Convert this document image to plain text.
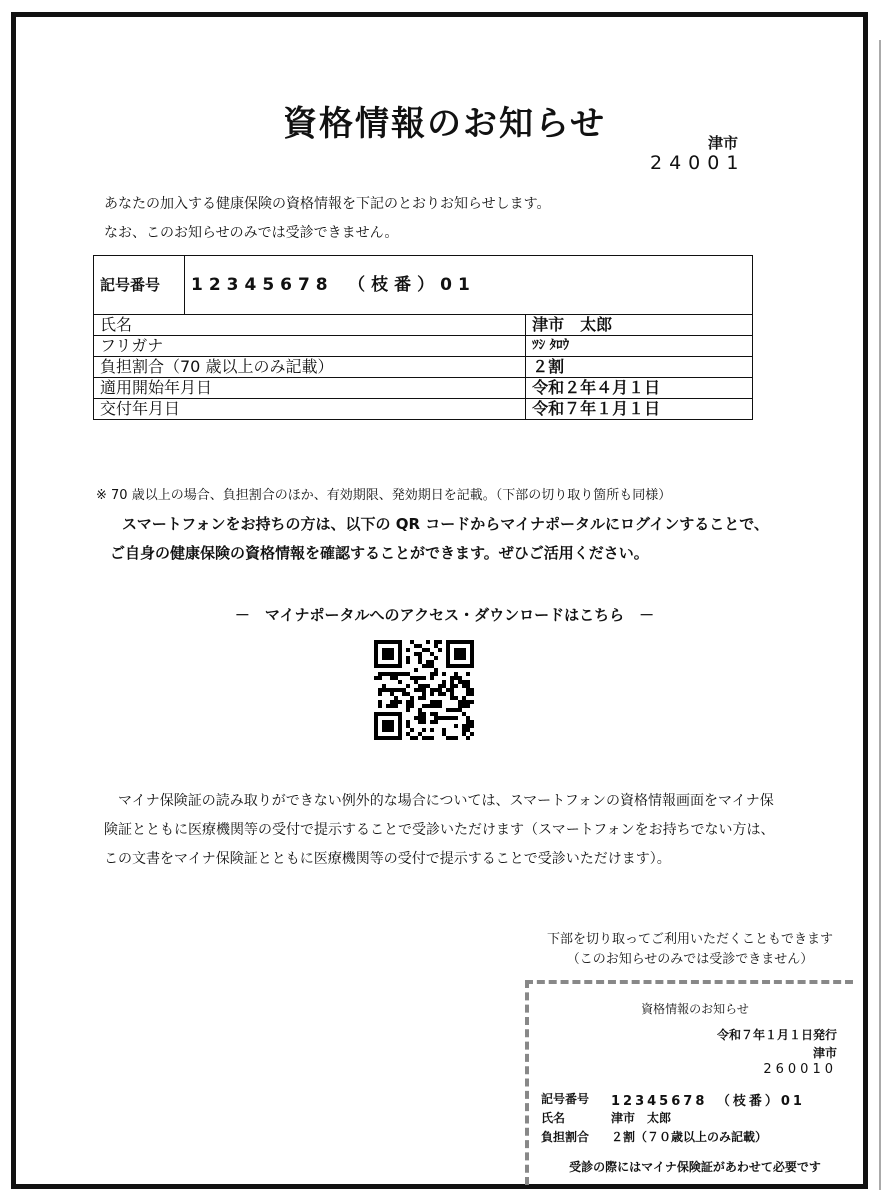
資格情報のお知らせ	津市
24001
あなたの加入する健康保険の資格情報を下記のとおりお知らせします。
なお、このお知らせのみでは受診できません。
記号番号	12345678　（枝番）01	
氏名		津市　太郎
フリガナ		ﾂｼ ﾀﾛｳ
負担割合（70 歳以上のみ記載）		２割
適用開始年月日		令和２年４月１日
交付年月日		令和７年１月１日
※ 70 歳以上の場合、負担割合のほか、有効期限、発効期日を記載。（下部の切り取り箇所も同様）
スマートフォンをお持ちの方は、以下の QR コードからマイナポータルにログインすることで、
ご自身の健康保険の資格情報を確認することができます。ぜひご活用ください。
－　マイナポータルへのアクセス・ダウンロードはこちら　－
　マイナ保険証の読み取りができない例外的な場合については、スマートフォンの資格情報画面をマイナ保険証とともに医療機関等の受付で提示することで受診いただけます（スマートフォンをお持ちでない方は、この文書をマイナ保険証とともに医療機関等の受付で提示することで受診いただけます）。
下部を切り取ってご利用いただくこともできます
（このお知らせのみでは受診できません）
資格情報のお知らせ
令和７年１月１日発行
津市
260010
記号番号 12345678　（枝番）01
氏名	津市　太郎
負担割合 ２割（７０歳以上のみ記載）
受診の際にはマイナ保険証があわせて必要です
